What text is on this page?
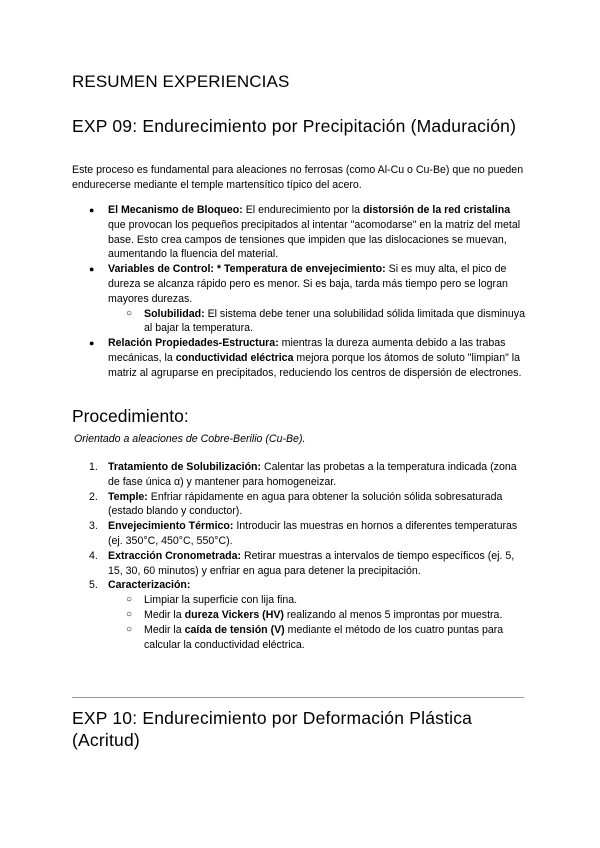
RESUMEN EXPERIENCIAS
EXP 09: Endurecimiento por Precipitación (Maduración)

Este proceso es fundamental para aleaciones no ferrosas (como Al-Cu o Cu-Be) que no pueden endurecerse mediante el temple martensítico típico del acero.

● El Mecanismo de Bloqueo: El endurecimiento por la distorsión de la red cristalina que provocan los pequeños precipitados al intentar "acomodarse" en la matriz del metal base. Esto crea campos de tensiones que impiden que las dislocaciones se muevan, aumentando la fluencia del material.
● Variables de Control: * Temperatura de envejecimiento: Si es muy alta, el pico de dureza se alcanza rápido pero es menor. Si es baja, tarda más tiempo pero se logran mayores durezas.
○ Solubilidad: El sistema debe tener una solubilidad sólida limitada que disminuya al bajar la temperatura.
● Relación Propiedades-Estructura: mientras la dureza aumenta debido a las trabas mecánicas, la conductividad eléctrica mejora porque los átomos de soluto "limpian" la matriz al agruparse en precipitados, reduciendo los centros de dispersión de electrones.
Procedimiento:

Orientado a aleaciones de Cobre-Berilio (Cu-Be).

1. Tratamiento de Solubilización: Calentar las probetas a la temperatura indicada (zona de fase única α) y mantener para homogeneizar.
2. Temple: Enfriar rápidamente en agua para obtener la solución sólida sobresaturada (estado blando y conductor).
3. Envejecimiento Térmico: Introducir las muestras en hornos a diferentes temperaturas (ej. 350°C, 450°C, 550°C).
4. Extracción Cronometrada: Retirar muestras a intervalos de tiempo específicos (ej. 5, 15, 30, 60 minutos) y enfriar en agua para detener la precipitación.
5. Caracterización:
○ Limpiar la superficie con lija fina.
○ Medir la dureza Vickers (HV) realizando al menos 5 improntas por muestra.
○ Medir la caída de tensión (V) mediante el método de los cuatro puntas para calcular la conductividad eléctrica.
EXP 10: Endurecimiento por Deformación Plástica (Acritud)
